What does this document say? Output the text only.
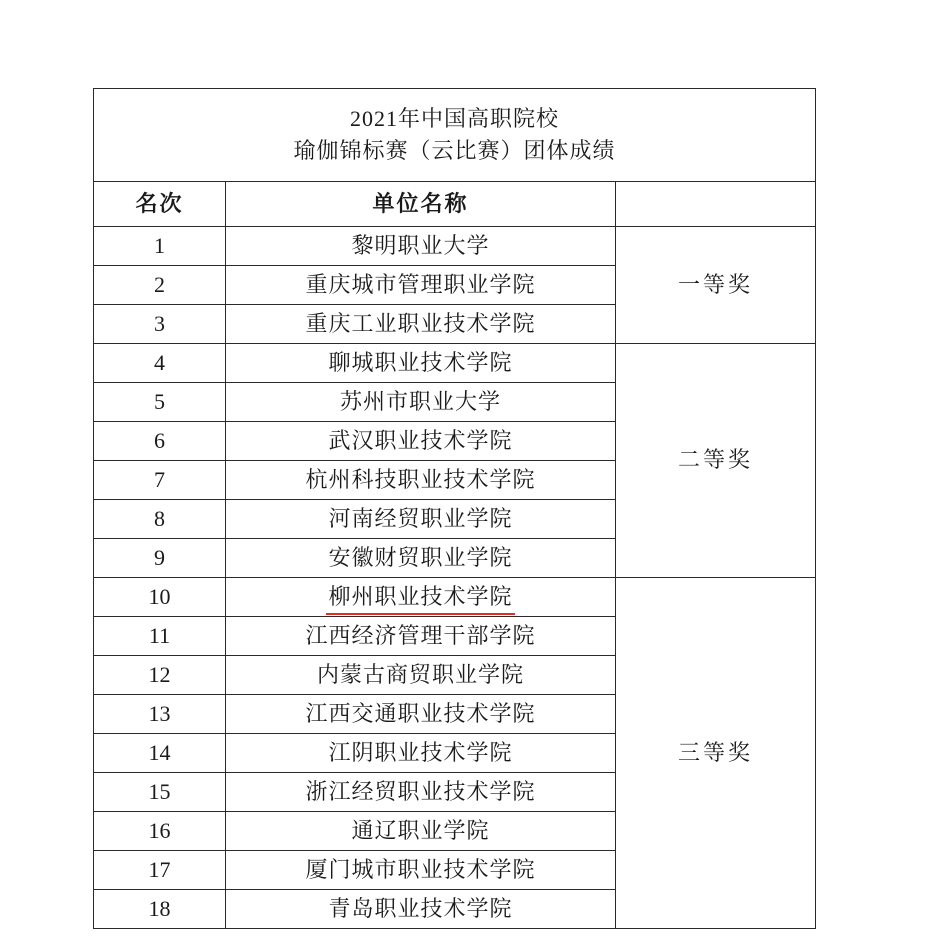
2021年中国高职院校
瑜伽锦标赛（云比赛）团体成绩		

名次	单位名称	
1	黎明职业大学	一等奖
2	重庆城市管理职业学院	
3	重庆工业职业技术学院	
4	聊城职业技术学院	二等奖
5	苏州市职业大学	
6	武汉职业技术学院	
7	杭州科技职业技术学院	
8	河南经贸职业学院	
9	安徽财贸职业学院	
10	柳州职业技术学院	三等奖
11	江西经济管理干部学院	
12	内蒙古商贸职业学院	
13	江西交通职业技术学院	
14	江阴职业技术学院	
15	浙江经贸职业技术学院	
16	通辽职业学院	
17	厦门城市职业技术学院	
18	青岛职业技术学院	
